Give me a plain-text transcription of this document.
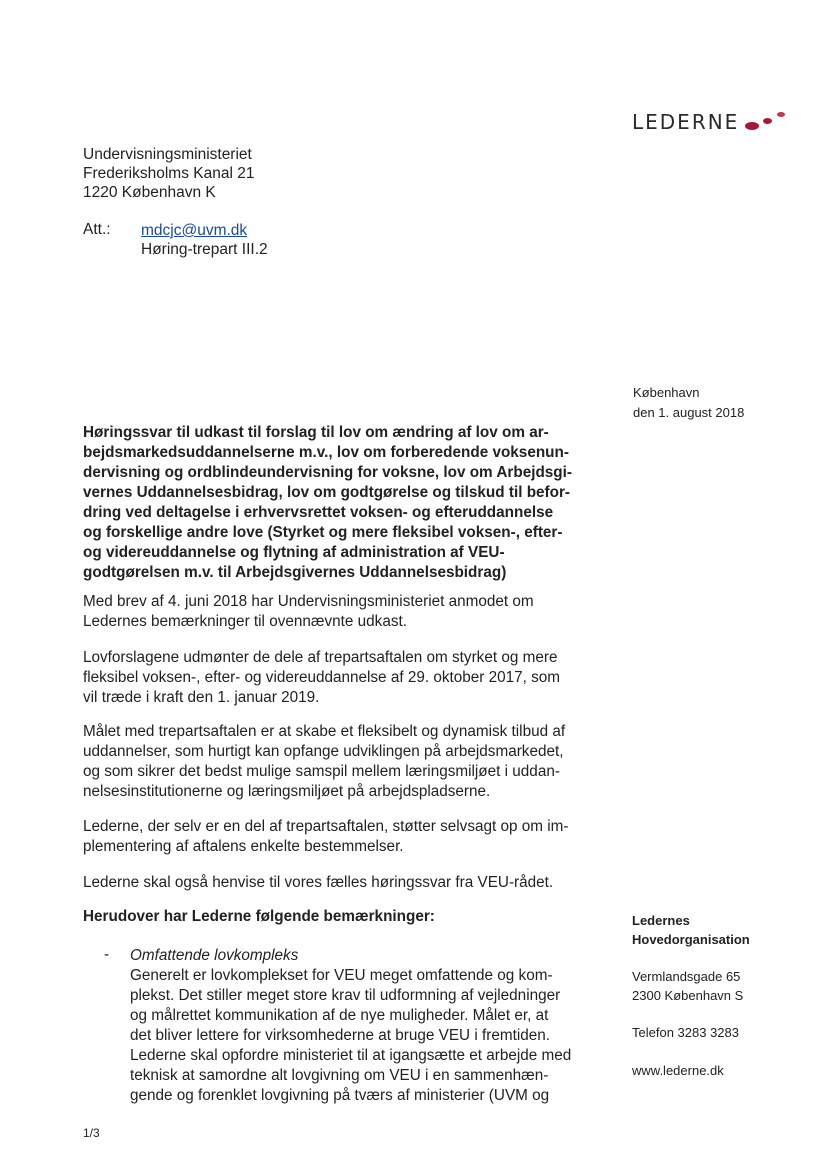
LEDERNE
Undervisningsministeriet
Frederiksholms Kanal 21
1220 København K
Att.: mdcjc@uvm.dk
Høring-trepart III.2
København
den 1. august 2018
Høringssvar til udkast til forslag til lov om ændring af lov om ar-
bejdsmarkedsuddannelserne m.v., lov om forberedende voksenun-
dervisning og ordblindeundervisning for voksne, lov om Arbejdsgi-
vernes Uddannelsesbidrag, lov om godtgørelse og tilskud til befor-
dring ved deltagelse i erhvervsrettet voksen- og efteruddannelse
og forskellige andre love (Styrket og mere fleksibel voksen-, efter-
og videreuddannelse og flytning af administration af VEU-
godtgørelsen m.v. til Arbejdsgivernes Uddannelsesbidrag)
Med brev af 4. juni 2018 har Undervisningsministeriet anmodet om
Ledernes bemærkninger til ovennævnte udkast.
Lovforslagene udmønter de dele af trepartsaftalen om styrket og mere
fleksibel voksen-, efter- og videreuddannelse af 29. oktober 2017, som
vil træde i kraft den 1. januar 2019.
Målet med trepartsaftalen er at skabe et fleksibelt og dynamisk tilbud af
uddannelser, som hurtigt kan opfange udviklingen på arbejdsmarkedet,
og som sikrer det bedst mulige samspil mellem læringsmiljøet i uddan-
nelsesinstitutionerne og læringsmiljøet på arbejdspladserne.
Lederne, der selv er en del af trepartsaftalen, støtter selvsagt op om im-
plementering af aftalens enkelte bestemmelser.
Lederne skal også henvise til vores fælles høringssvar fra VEU-rådet.
Herudover har Lederne følgende bemærkninger:
- Omfattende lovkompleks
Generelt er lovkomplekset for VEU meget omfattende og kom-
plekst. Det stiller meget store krav til udformning af vejledninger
og målrettet kommunikation af de nye muligheder. Målet er, at
det bliver lettere for virksomhederne at bruge VEU i fremtiden.
Lederne skal opfordre ministeriet til at igangsætte et arbejde med
teknisk at samordne alt lovgivning om VEU i en sammenhæn-
gende og forenklet lovgivning på tværs af ministerier (UVM og
Ledernes
Hovedorganisation
Vermlandsgade 65
2300 København S
Telefon 3283 3283
www.lederne.dk
1/3
